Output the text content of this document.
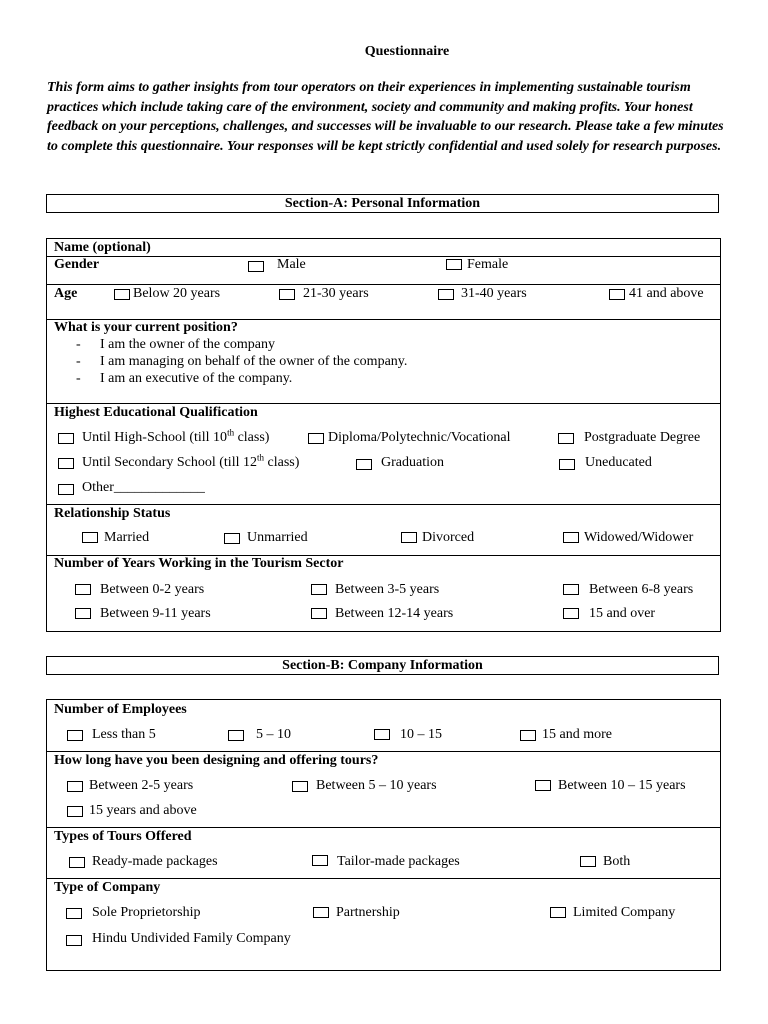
Questionnaire
This form aims to gather insights from tour operators on their experiences in implementing sustainable tourism practices which include taking care of the environment, society and community and making profits. Your honest feedback on your perceptions, challenges, and successes will be invaluable to our research. Please take a few minutes to complete this questionnaire. Your responses will be kept strictly confidential and used solely for research purposes.
Section-A: Personal Information
Name (optional)
Gender	Male	Female
Age	Below 20 years	21-30 years	31-40 years	41 and above
What is your current position?
- I am the owner of the company
- I am managing on behalf of the owner of the company.
- I am an executive of the company.
Highest Educational Qualification
Until High-School (till 10th class)	Diploma/Polytechnic/Vocational	Postgraduate Degree
Until Secondary School (till 12th class)	Graduation	Uneducated
Other_____________
Relationship Status
Married	Unmarried	Divorced	Widowed/Widower
Number of Years Working in the Tourism Sector
Between 0-2 years	Between 3-5 years	Between 6-8 years
Between 9-11 years	Between 12-14 years	15 and over
Section-B: Company Information
Number of Employees
Less than 5	5 – 10	10 – 15	15 and more
How long have you been designing and offering tours?
Between 2-5 years	Between 5 – 10 years	Between 10 – 15 years
15 years and above
Types of Tours Offered
Ready-made packages	Tailor-made packages	Both
Type of Company
Sole Proprietorship	Partnership	Limited Company
Hindu Undivided Family Company
